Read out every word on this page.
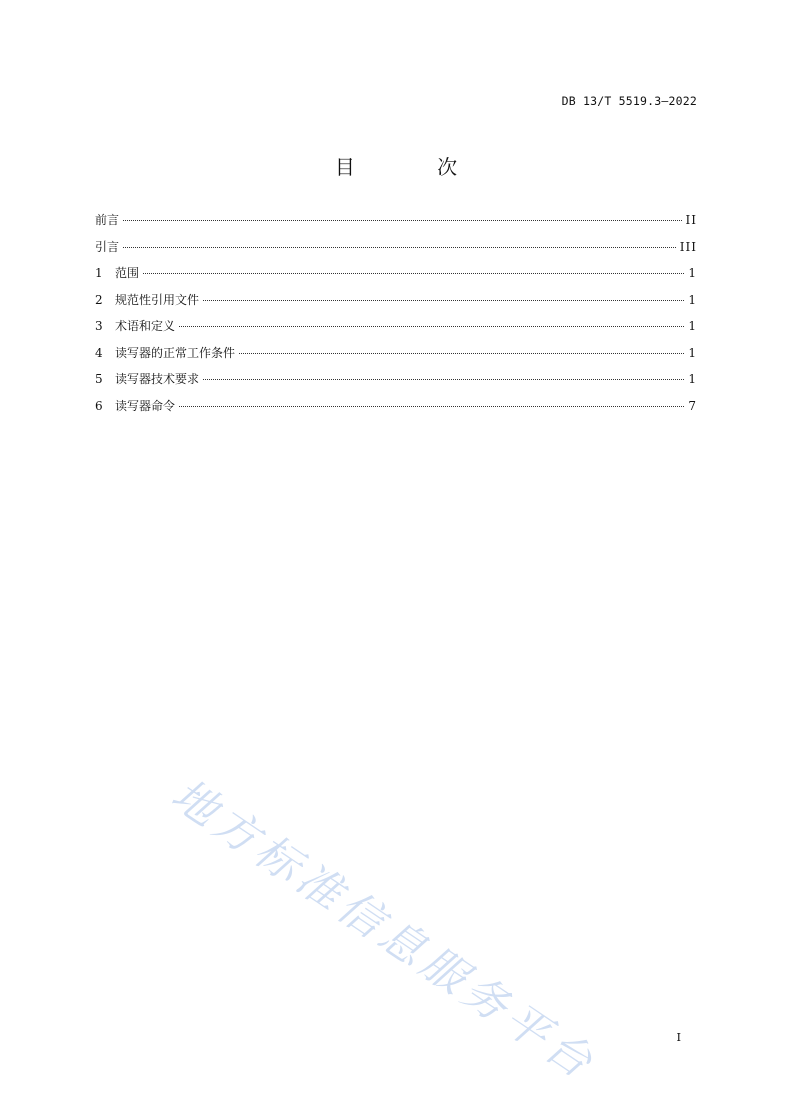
DB 13/T 5519.3—2022
目 次
前言	II
引言	III
1	范围	1
2	规范性引用文件	1
3	术语和定义	1
4	读写器的正常工作条件	1
5	读写器技术要求	1
6	读写器命令	7
地方标准信息服务平台	I
